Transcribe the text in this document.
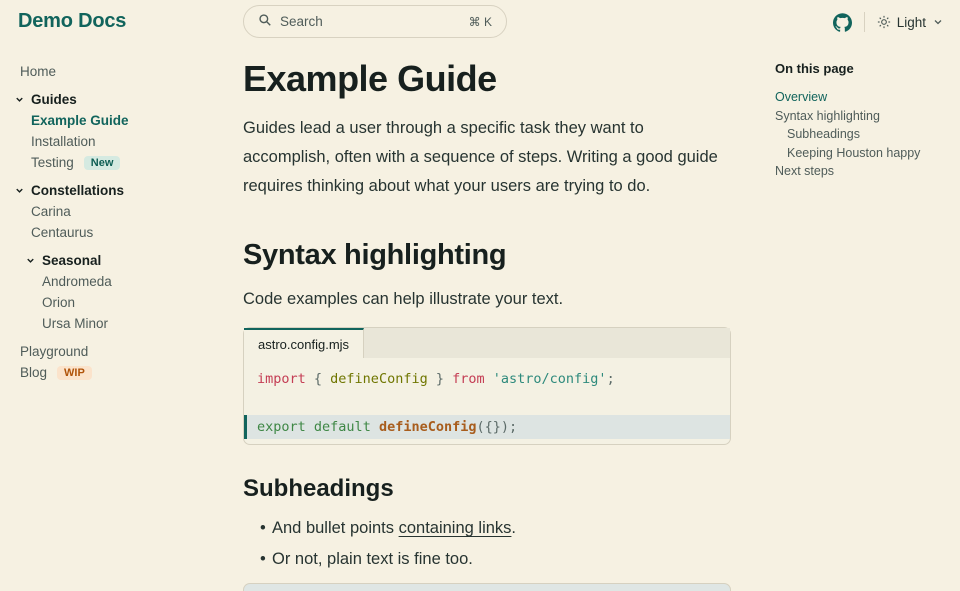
Demo Docs
Search	⌘ K	Light
Home
Guides
Example Guide
Installation
Testing	New
Constellations
Carina
Centaurus
Seasonal
Andromeda
Orion
Ursa Minor
Playground
Blog	WIP
Example Guide

Guides lead a user through a specific task they want to accomplish, often with a sequence of steps. Writing a good guide requires thinking about what your users are trying to do.

Syntax highlighting

Code examples can help illustrate your text.

astro.config.mjs
import { defineConfig } from 'astro/config';

export default defineConfig({});
Subheadings
• And bullet points containing links.
• Or not, plain text is fine too.
On this page
Overview
Syntax highlighting
Subheadings
Keeping Houston happy
Next steps
